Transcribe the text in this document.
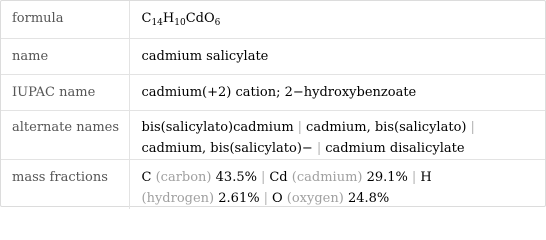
formula	$C_{14}H_{10}CdO_6$
name	cadmium salicylate
IUPAC name	cadmium(+2) cation; 2−hydroxybenzoate
alternate names	bis(salicylato)cadmium | cadmium, bis(salicylato) |
cadmium, bis(salicylato)− | cadmium disalicylate
mass fractions	C (carbon) 43.5% | Cd (cadmium) 29.1% | H
(hydrogen) 2.61% | O (oxygen) 24.8%
